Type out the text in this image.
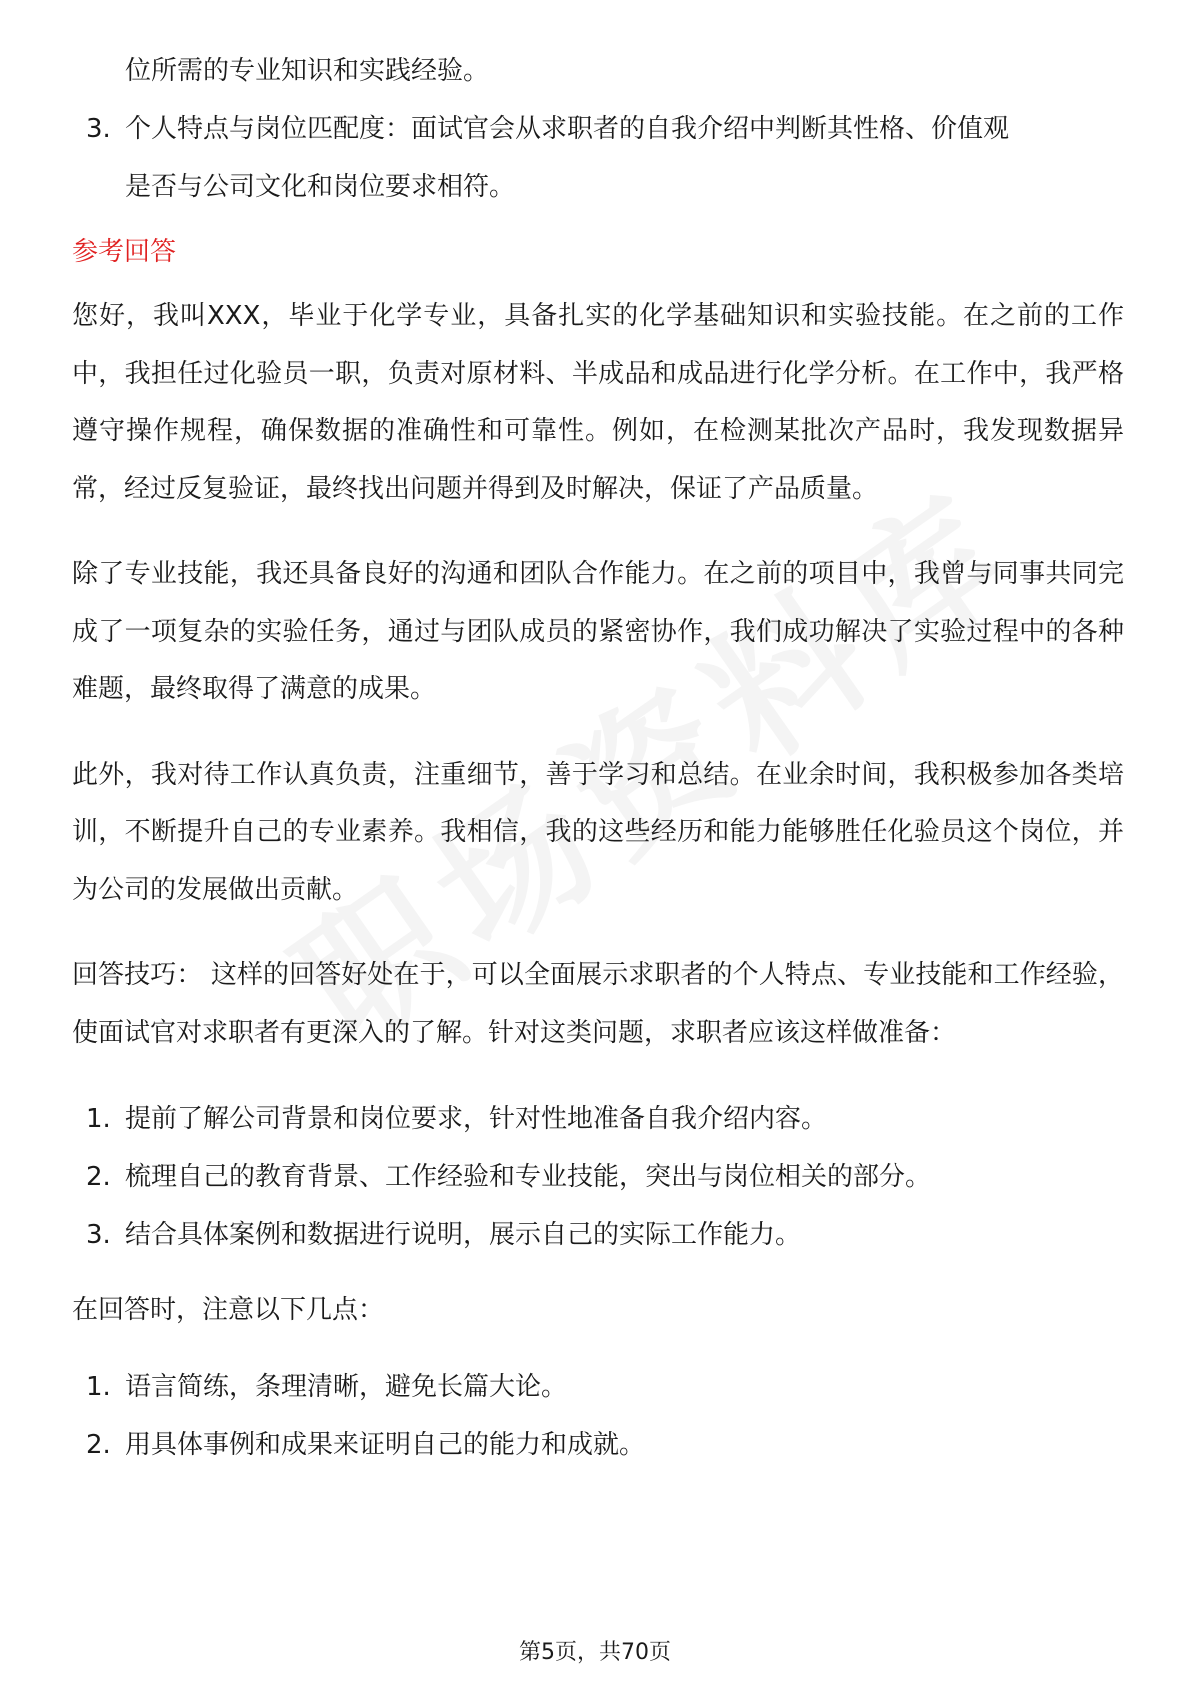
位所需的专业知识和实践经验。
3. 个人特点与岗位匹配度：面试官会从求职者的自我介绍中判断其性格、价值观
是否与公司文化和岗位要求相符。
参考回答

您好，我叫XXX，毕业于化学专业，具备扎实的化学基础知识和实验技能。在之前的工作中，我担任过化验员一职，负责对原材料、半成品和成品进行化学分析。在工作中，我严格遵守操作规程，确保数据的准确性和可靠性。例如，在检测某批次产品时，我发现数据异常，经过反复验证，最终找出问题并得到及时解决，保证了产品质量。

除了专业技能，我还具备良好的沟通和团队合作能力。在之前的项目中，我曾与同事共同完成了一项复杂的实验任务，通过与团队成员的紧密协作，我们成功解决了实验过程中的各种难题，最终取得了满意的成果。

此外，我对待工作认真负责，注重细节，善于学习和总结。在业余时间，我积极参加各类培训，不断提升自己的专业素养。我相信，我的这些经历和能力能够胜任化验员这个岗位，并为公司的发展做出贡献。

回答技巧： 这样的回答好处在于，可以全面展示求职者的个人特点、专业技能和工作经验，使面试官对求职者有更深入的了解。针对这类问题，求职者应该这样做准备：

1. 提前了解公司背景和岗位要求，针对性地准备自我介绍内容。
2. 梳理自己的教育背景、工作经验和专业技能，突出与岗位相关的部分。
3. 结合具体案例和数据进行说明，展示自己的实际工作能力。

在回答时，注意以下几点：

1. 语言简练，条理清晰，避免长篇大论。
2. 用具体事例和成果来证明自己的能力和成就。
第5页，共70页
